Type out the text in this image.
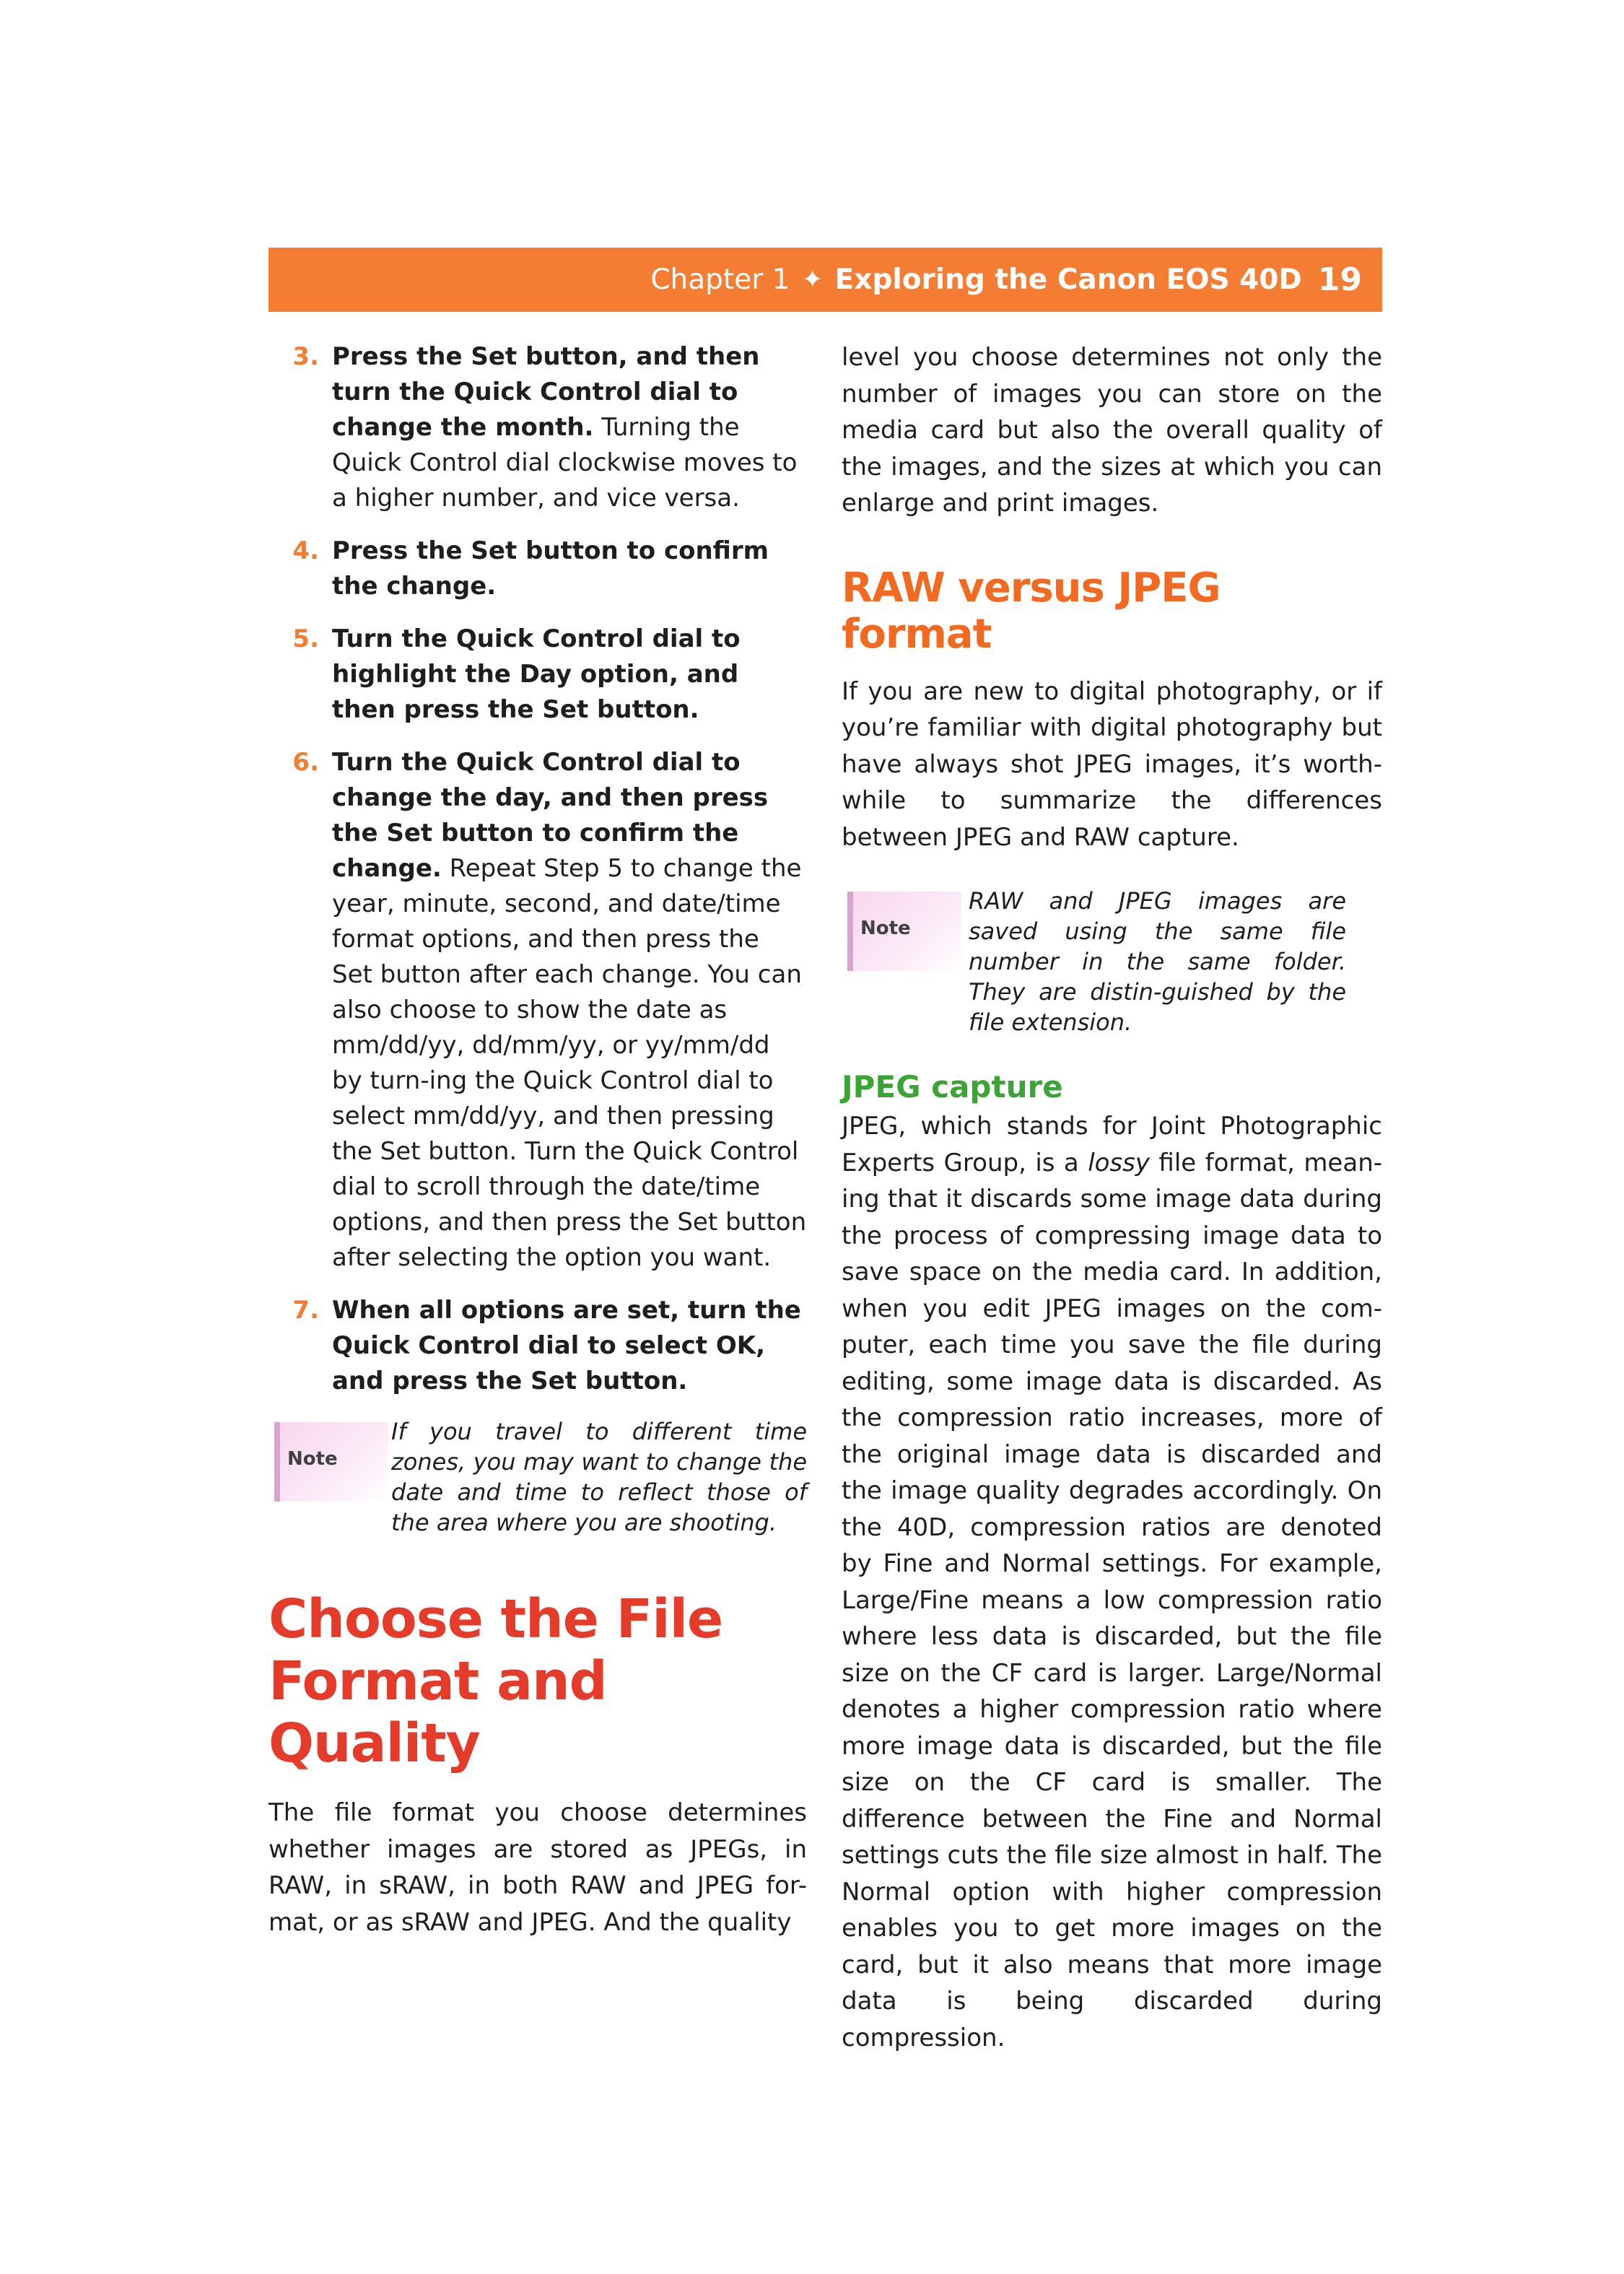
Chapter 1 ✦ Exploring the Canon EOS 40D 19
3. Press the Set button, and then turn the Quick Control dial to change the month. Turning the Quick Control dial clockwise moves to a higher number, and vice versa.
4. Press the Set button to confirm the change.
5. Turn the Quick Control dial to highlight the Day option, and then press the Set button.
6. Turn the Quick Control dial to change the day, and then press the Set button to confirm the change. Repeat Step 5 to change the year, minute, second, and date/time format options, and then press the Set button after each change. You can also choose to show the date as mm/dd/yy, dd/mm/yy, or yy/mm/dd by turn-ing the Quick Control dial to select mm/dd/yy, and then pressing the Set button. Turn the Quick Control dial to scroll through the date/time options, and then press the Set button after selecting the option you want.
7. When all options are set, turn the Quick Control dial to select OK, and press the Set button.
Note
If you travel to different time zones, you may want to change the date and time to reflect those of the area where you are shooting.
Choose the File Format and Quality
The file format you choose determines whether images are stored as JPEGs, in RAW, in sRAW, in both RAW and JPEG for-mat, or as sRAW and JPEG. And the quality
level you choose determines not only the number of images you can store on the media card but also the overall quality of the images, and the sizes at which you can enlarge and print images.
RAW versus JPEG format
If you are new to digital photography, or if you’re familiar with digital photography but have always shot JPEG images, it’s worth-while to summarize the differences between JPEG and RAW capture.
Note
RAW and JPEG images are saved using the same file number in the same folder. They are distin-guished by the file extension.
JPEG capture
JPEG, which stands for Joint Photographic Experts Group, is a lossy file format, mean-ing that it discards some image data during the process of compressing image data to save space on the media card. In addition, when you edit JPEG images on the com-puter, each time you save the file during editing, some image data is discarded. As the compression ratio increases, more of the original image data is discarded and the image quality degrades accordingly. On the 40D, compression ratios are denoted by Fine and Normal settings. For example, Large/Fine means a low compression ratio where less data is discarded, but the file size on the CF card is larger. Large/Normal denotes a higher compression ratio where more image data is discarded, but the file size on the CF card is smaller. The difference between the Fine and Normal settings cuts the file size almost in half. The Normal option with higher compression enables you to get more images on the card, but it also means that more image data is being discarded during compression.
